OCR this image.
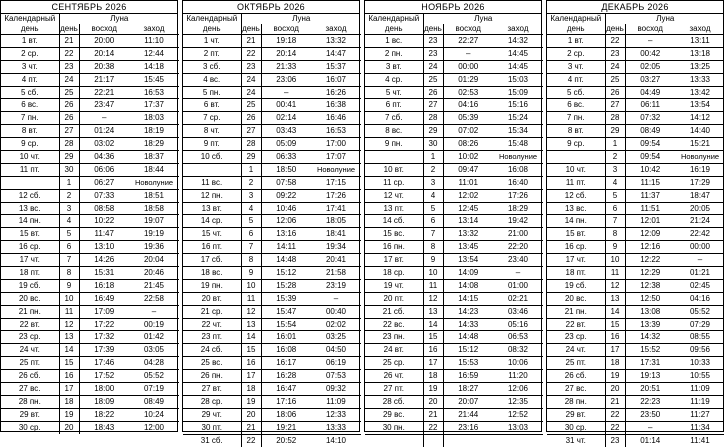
СЕНТЯБРЬ 2026
Календарный	Луна		
день	день	восход	заход
1 вт.	21	20:00	11:10
2 ср.	22	20:14	12:44
3 чт.	23	20:38	14:18
4 пт.	24	21:17	15:45
5 сб.	25	22:21	16:53
6 вс.	26	23:47	17:37
7 пн.	26	–	18:03
8 вт.	27	01:24	18:19
9 ср.	28	03:02	18:29
10 чт.	29	04:36	18:37
11 пт.	30	06:06	18:44
	1	06:27	Новолуние
12 сб.	2	07:33	18:51
13 вс.	3	08:58	18:58
14 пн.	4	10:22	19:07
15 вт.	5	11:47	19:19
16 ср.	6	13:10	19:36
17 чт.	7	14:26	20:04
18 пт.	8	15:31	20:46
19 сб.	9	16:18	21:45
20 вс.	10	16:49	22:58
21 пн.	11	17:09	–
22 вт.	12	17:22	00:19
23 ср.	13	17:32	01:42
24 чт.	14	17:39	03:05
25 пт.	15	17:46	04:28
26 сб.	16	17:52	05:52
27 вс.	17	18:00	07:19
28 пн.	18	18:09	08:49
29 вт.	19	18:22	10:24
30 ср.	20	18:43	12:00
ОКТЯБРЬ 2026
Календарный	Луна		
день	день	восход	заход
1 чт.	21	19:18	13:32
2 пт.	22	20:14	14:47
3 сб.	23	21:33	15:37
4 вс.	24	23:06	16:07
5 пн.	24	–	16:26
6 вт.	25	00:41	16:38
7 ср.	26	02:14	16:46
8 чт.	27	03:43	16:53
9 пт.	28	05:09	17:00
10 сб.	29	06:33	17:07
	1	18:50	Новолуние
11 вс.	2	07:58	17:15
12 пн.	3	09:22	17:26
13 вт.	4	10:46	17:41
14 ср.	5	12:06	18:05
15 чт.	6	13:16	18:41
16 пт.	7	14:11	19:34
17 сб.	8	14:48	20:41
18 вс.	9	15:12	21:58
19 пн.	10	15:28	23:19
20 вт.	11	15:39	–
21 ср.	12	15:47	00:40
22 чт.	13	15:54	02:02
23 пт.	14	16:01	03:25
24 сб.	15	16:08	04:50
25 вс.	16	16:17	06:19
26 пн.	17	16:28	07:53
27 вт.	18	16:47	09:32
28 ср.	19	17:16	11:09
29 чт.	20	18:06	12:33
30 пт.	21	19:21	13:33
31 сб.	22	20:52	14:10
НОЯБРЬ 2026
Календарный	Луна		
день	день	восход	заход
1 вс.	23	22:27	14:32
2 пн.	23	–	14:45
3 вт.	24	00:00	14:45
4 ср.	25	01:29	15:03
5 чт.	26	02:53	15:09
6 пт.	27	04:16	15:16
7 сб.	28	05:39	15:24
8 вс.	29	07:02	15:34
9 пн.	30	08:26	15:48
	1	10:02	Новолуние
10 вт.	2	09:47	16:08
11 ср.	3	11:01	16:40
12 чт.	4	12:02	17:26
13 пт.	5	12:45	18:29
14 сб.	6	13:14	19:42
15 вс.	7	13:32	21:00
16 пн.	8	13:45	22:20
17 вт.	9	13:54	23:40
18 ср.	10	14:09	–
19 чт.	11	14:08	01:00
20 пт.	12	14:15	02:21
21 сб.	13	14:23	03:46
22 вс.	14	14:33	05:16
23 пн.	15	14:48	06:53
24 вт.	16	15:12	08:32
25 ср.	17	15:53	10:06
26 чт.	18	16:59	11:20
27 пт.	19	18:27	12:06
28 сб.	20	20:07	12:35
29 вс.	21	21:44	12:52
30 пн.	22	23:16	13:03

ДЕКАБРЬ 2026
Календарный	Луна		
день	день	восход	заход
1 вт.	22	–	13:11
2 ср.	23	00:42	13:18
3 чт.	24	02:05	13:25
4 пт.	25	03:27	13:33
5 сб.	26	04:49	13:42
6 вс.	27	06:11	13:54
7 пн.	28	07:32	14:12
8 вт.	29	08:49	14:40
9 ср.	1	09:54	15:21
	2	09:54	Новолуние
10 чт.	3	10:42	16:19
11 пт.	4	11:15	17:29
12 сб.	5	11:37	18:47
13 вс.	6	11:51	20:05
14 пн.	7	12:01	21:24
15 вт.	8	12:09	22:42
16 ср.	9	12:16	00:00
17 чт.	10	12:22	–
18 пт.	11	12:29	01:21
19 сб.	12	12:38	02:45
20 вс.	13	12:50	04:16
21 пн.	14	13:08	05:52
22 вт.	15	13:39	07:29
23 ср.	16	14:32	08:55
24 чт.	17	15:52	09:56
25 пт.	18	17:31	10:33
26 сб.	19	19:13	10:55
27 вс.	20	20:51	11:09
28 пн.	21	22:23	11:19
29 вт.	22	23:50	11:27
30 ср.	22	–	11:34
31 чт.	23	01:14	11:41
